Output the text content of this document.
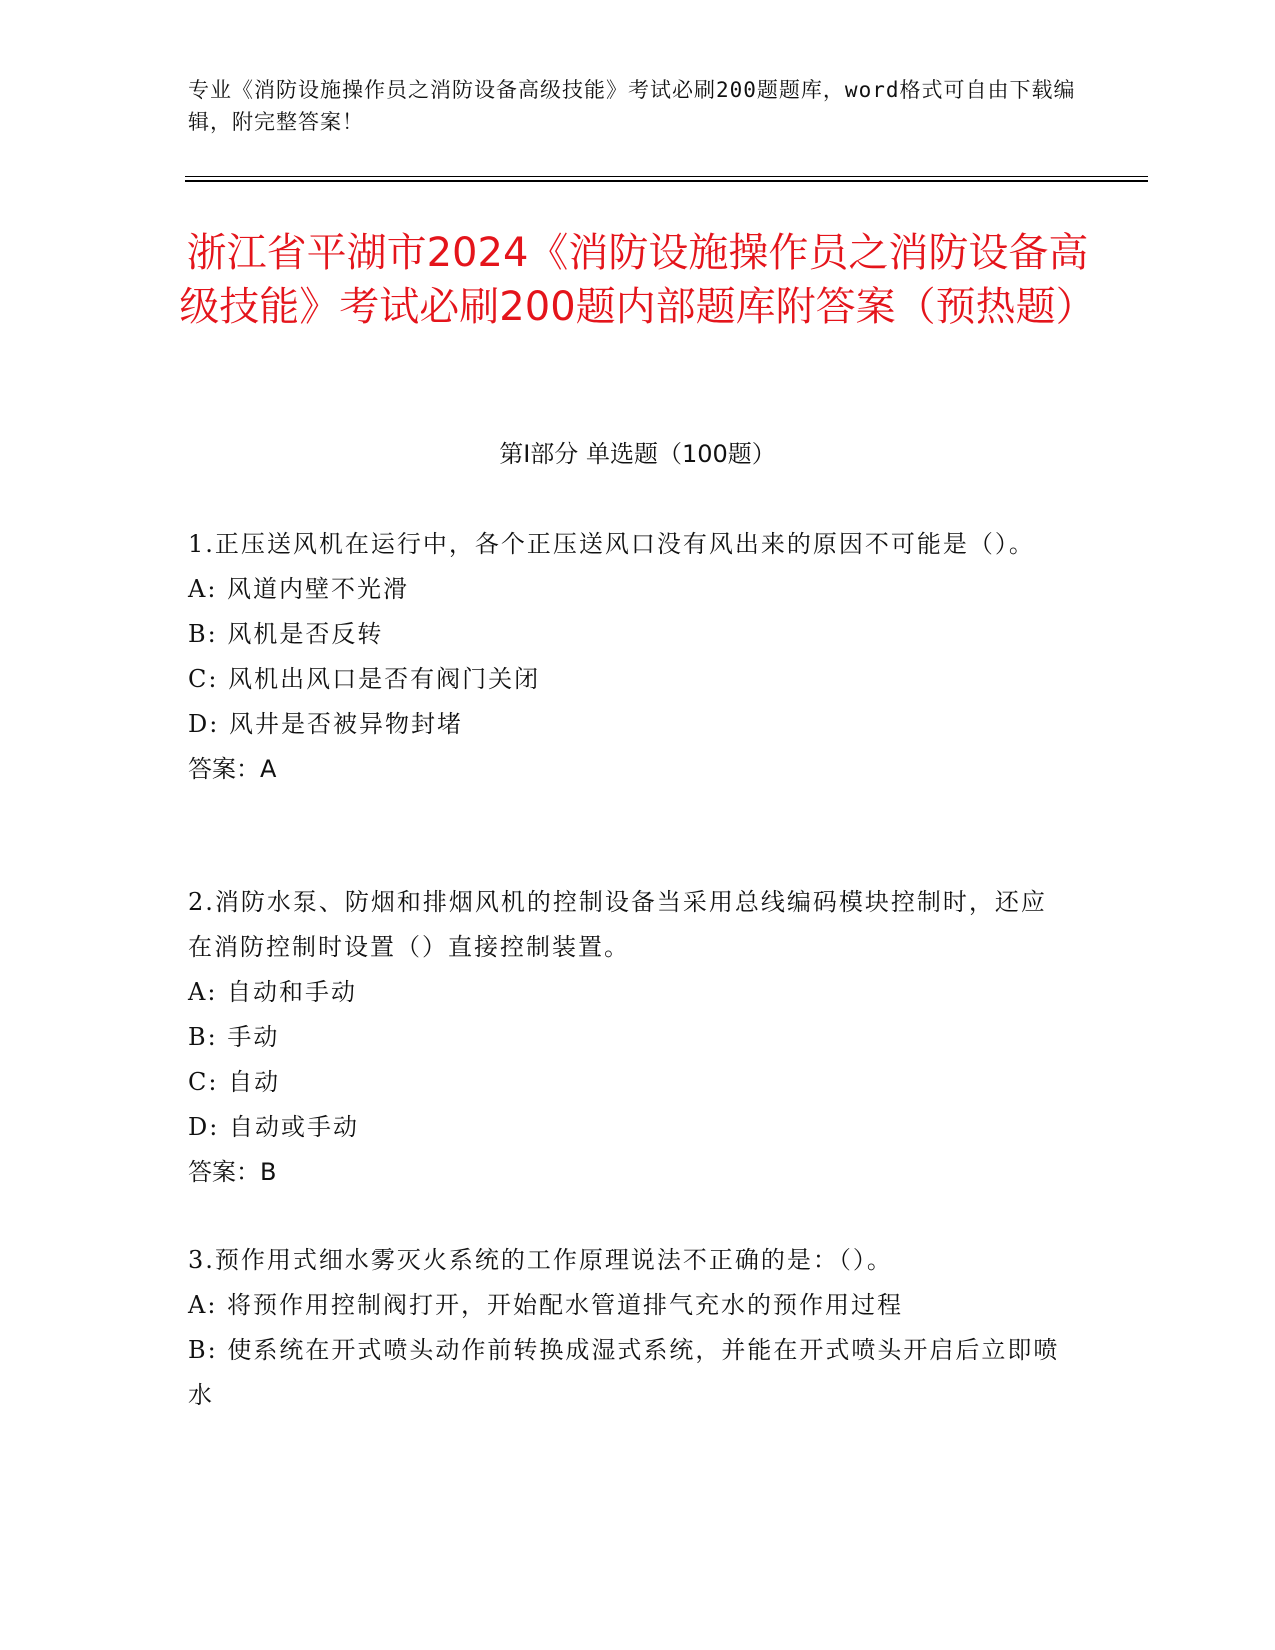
专业《消防设施操作员之消防设备高级技能》考试必刷200题题库，word格式可自由下载编辑，附完整答案！
浙江省平湖市2024《消防设施操作员之消防设备高级技能》考试必刷200题内部题库附答案（预热题）
第Ⅰ部分 单选题（100题）
1.正压送风机在运行中，各个正压送风口没有风出来的原因不可能是（）。
A: 风道内壁不光滑
B: 风机是否反转
C: 风机出风口是否有阀门关闭
D: 风井是否被异物封堵
答案：A
2.消防水泵、防烟和排烟风机的控制设备当采用总线编码模块控制时，还应在消防控制时设置（）直接控制装置。
A: 自动和手动
B: 手动
C: 自动
D: 自动或手动
答案：B
3.预作用式细水雾灭火系统的工作原理说法不正确的是：（）。
A: 将预作用控制阀打开，开始配水管道排气充水的预作用过程
B: 使系统在开式喷头动作前转换成湿式系统，并能在开式喷头开启后立即喷水
